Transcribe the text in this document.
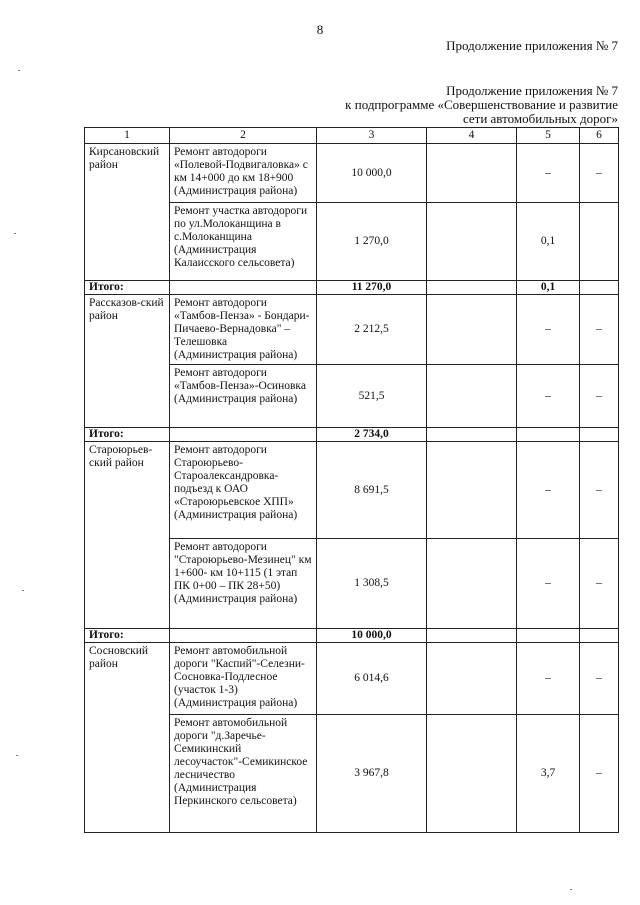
8
Продолжение приложения № 7
Продолжение приложения № 7
к подпрограмме «Совершенствование и развитие
сети автомобильных дорог»
1	2	3	4	5	6
Кирсановский район	Ремонт автодороги «Полевой-Подвигаловка» с км 14+000 до км 18+900 (Администрация района)	10 000,0		–	–
	Ремонт участка автодороги по ул.Молоканщина в с.Молоканщина (Администрация Калаисского сельсовета)	1 270,0		0,1	
Итого:		11 270,0		0,1	
Рассказов-ский район	Ремонт автодороги «Тамбов-Пенза» - Бондари-Пичаево-Вернадовка" – Телешовка (Администрация района)	2 212,5		–	–
	Ремонт автодороги «Тамбов-Пенза»-Осиновка (Администрация района)	521,5		–	–
Итого:		2 734,0			
Староюрьев-ский район	Ремонт автодороги Староюрьево-Староалександровка-подъезд к ОАО «Староюрьевское ХПП» (Администрация района)	8 691,5		–	–
	Ремонт автодороги "Староюрьево-Мезинец" км 1+600- км 10+115 (1 этап ПК 0+00 – ПК 28+50) (Администрация района)	1 308,5		–	–
Итого:		10 000,0			
Сосновский район	Ремонт автомобильной дороги "Каспий"-Селезни-Сосновка-Подлесное (участок 1-3) (Администрация района)	6 014,6		–	–
	Ремонт автомобильной дороги "д.Заречье-Семикинский лесоучасток"-Семикинское лесничество (Администрация Перкинского сельсовета)	3 967,8		3,7	–
